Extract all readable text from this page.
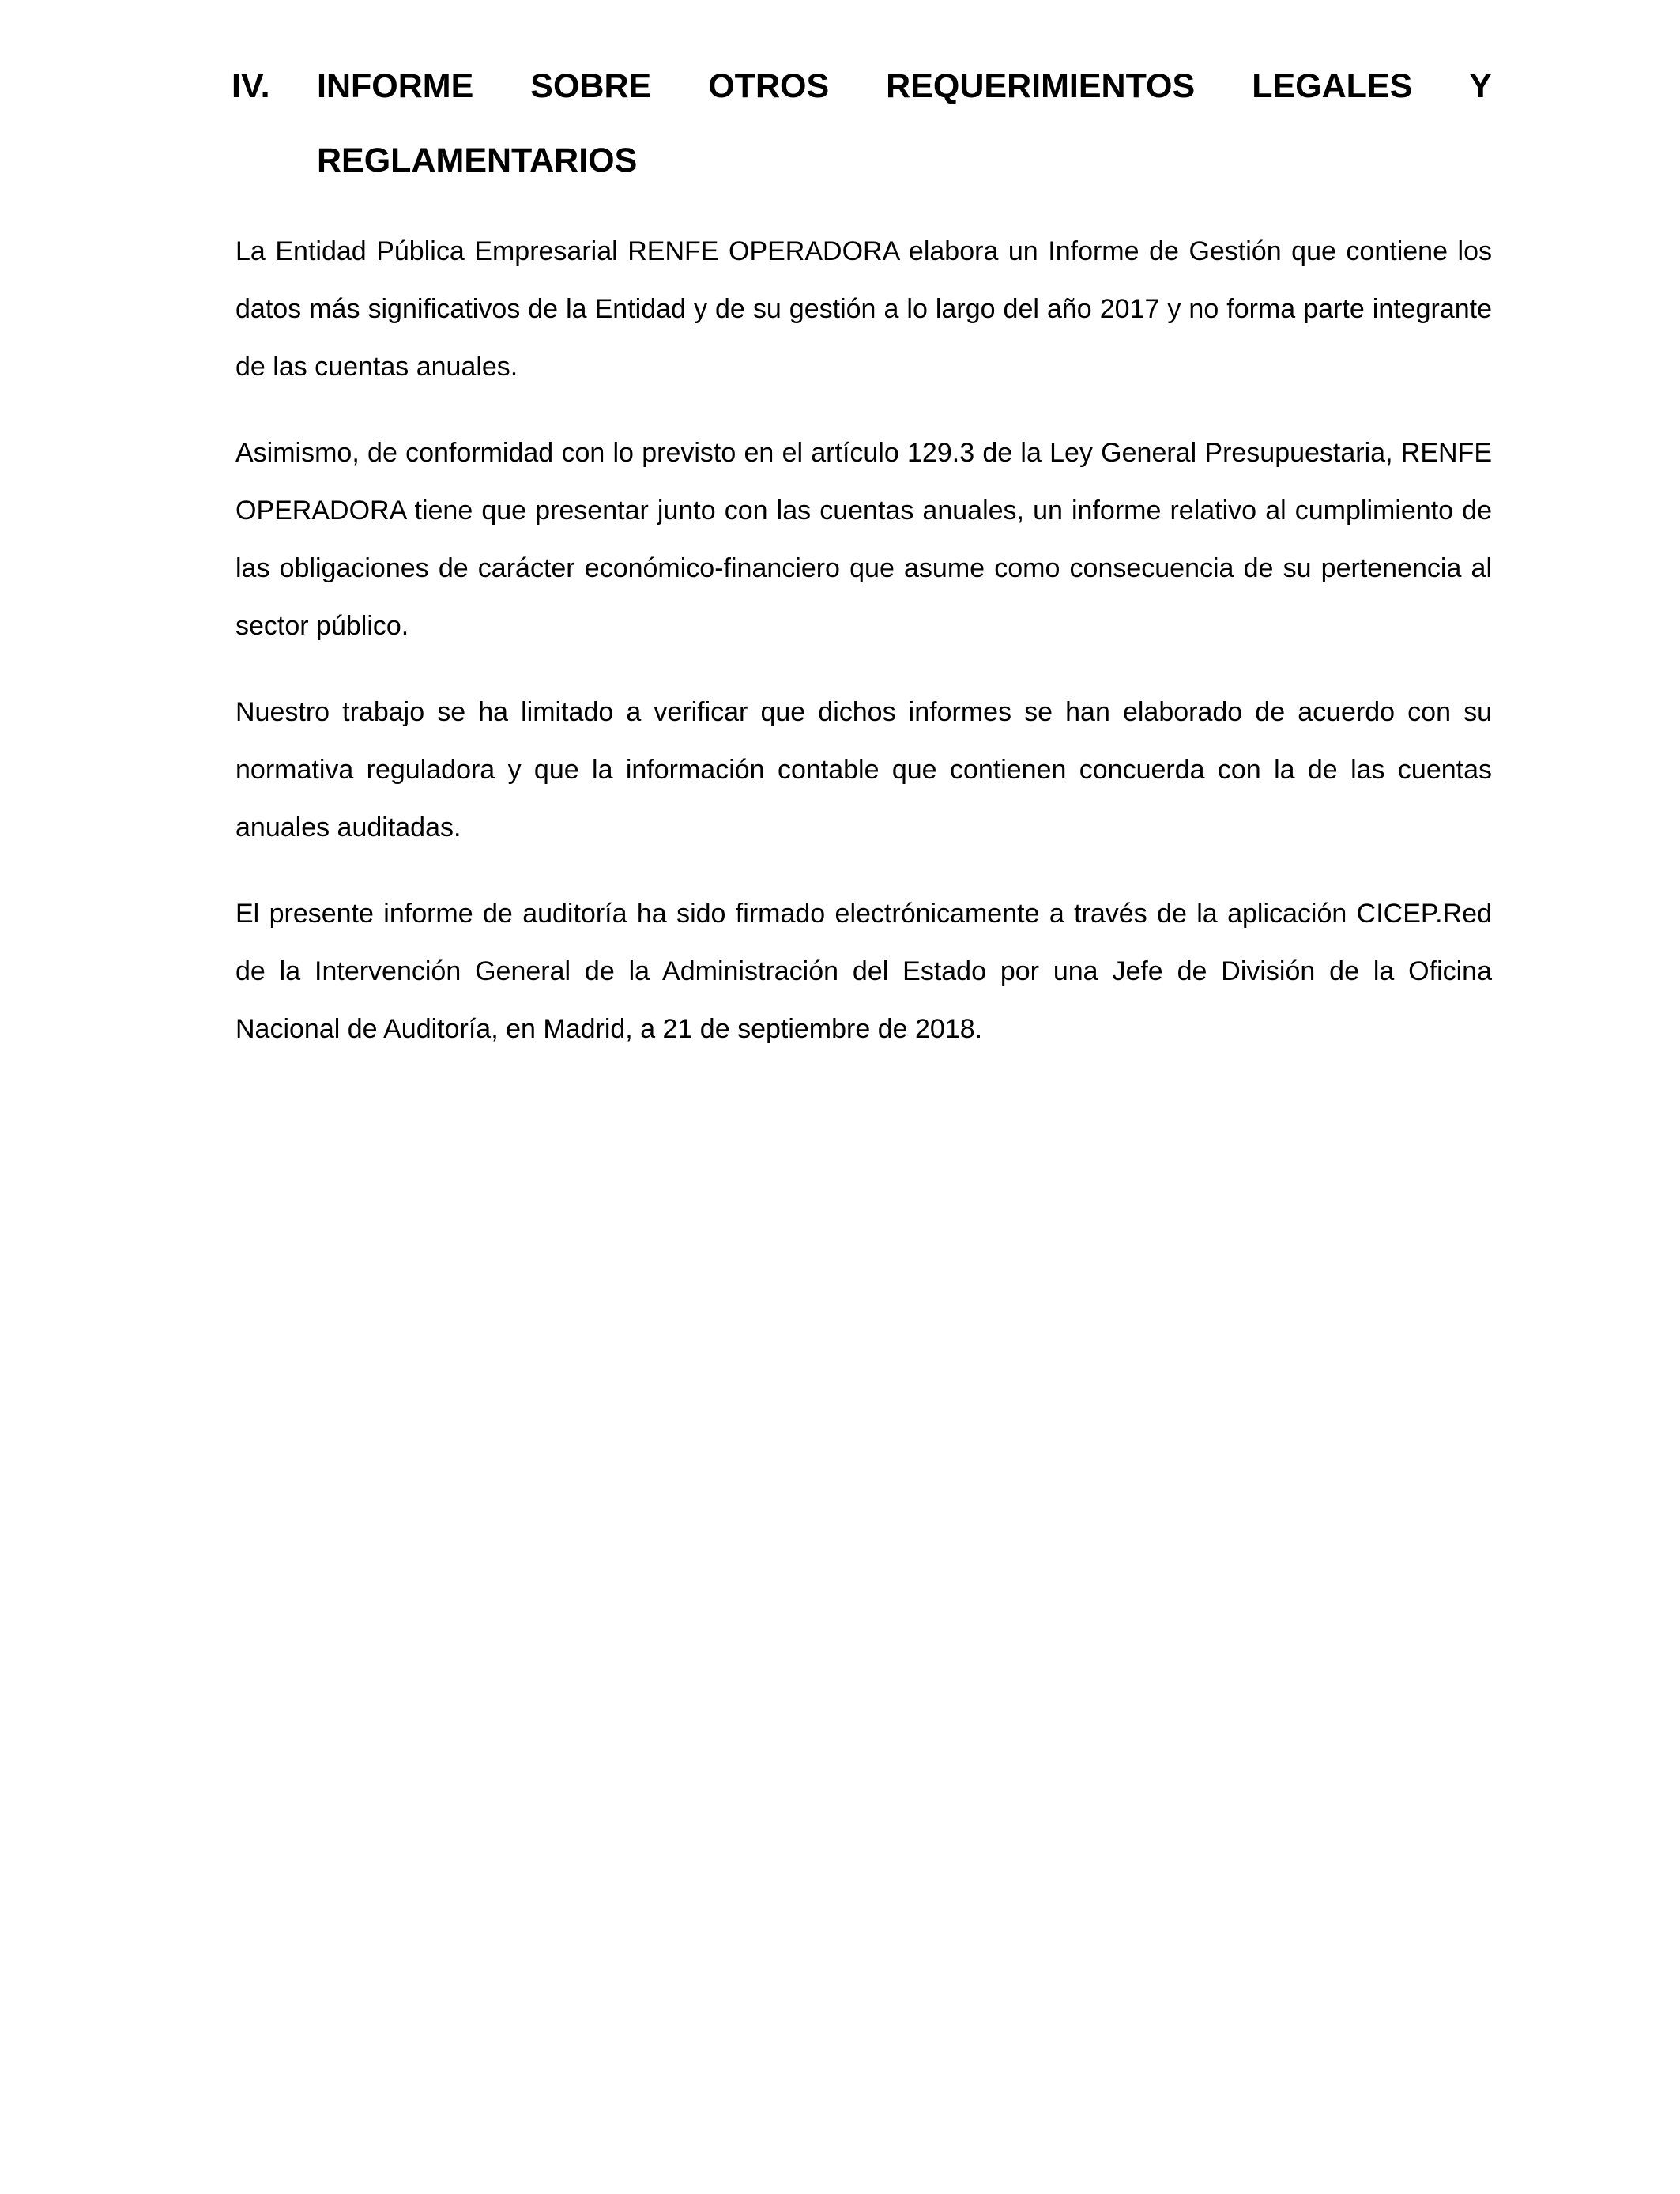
IV.	INFORME SOBRE OTROS REQUERIMIENTOS LEGALES Y
REGLAMENTARIOS

La Entidad Pública Empresarial RENFE OPERADORA elabora un Informe de Gestión que contiene los datos más significativos de la Entidad y de su gestión a lo largo del año 2017 y no forma parte integrante de las cuentas anuales.

Asimismo, de conformidad con lo previsto en el artículo 129.3 de la Ley General Presupuestaria, RENFE OPERADORA tiene que presentar junto con las cuentas anuales, un informe relativo al cumplimiento de las obligaciones de carácter económico-financiero que asume como consecuencia de su pertenencia al sector público.

Nuestro trabajo se ha limitado a verificar que dichos informes se han elaborado de acuerdo con su normativa reguladora y que la información contable que contienen concuerda con la de las cuentas anuales auditadas.

El presente informe de auditoría ha sido firmado electrónicamente a través de la aplicación CICEP.Red de la Intervención General de la Administración del Estado por una Jefe de División de la Oficina Nacional de Auditoría, en Madrid, a 21 de septiembre de 2018.
